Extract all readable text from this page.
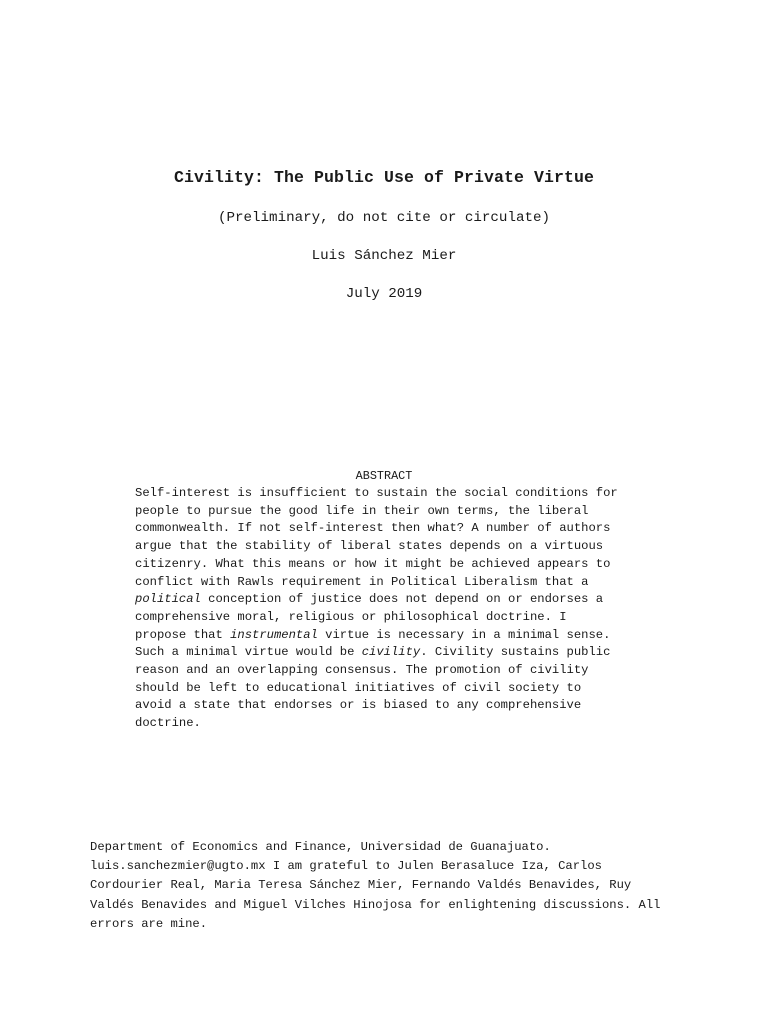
Civility: The Public Use of Private Virtue
(Preliminary, do not cite or circulate)
Luis Sánchez Mier
July 2019
ABSTRACT
Self-interest is insufficient to sustain the social conditions for
people to pursue the good life in their own terms, the liberal
commonwealth. If not self-interest then what? A number of authors
argue that the stability of liberal states depends on a virtuous
citizenry. What this means or how it might be achieved appears to
conflict with Rawls requirement in Political Liberalism that a
political conception of justice does not depend on or endorses a
comprehensive moral, religious or philosophical doctrine. I
propose that instrumental virtue is necessary in a minimal sense.
Such a minimal virtue would be civility. Civility sustains public
reason and an overlapping consensus. The promotion of civility
should be left to educational initiatives of civil society to
avoid a state that endorses or is biased to any comprehensive
doctrine.
Department of Economics and Finance, Universidad de Guanajuato.
luis.sanchezmier@ugto.mx I am grateful to Julen Berasaluce Iza, Carlos
Cordourier Real, Maria Teresa Sánchez Mier, Fernando Valdés Benavides, Ruy
Valdés Benavides and Miguel Vilches Hinojosa for enlightening discussions. All
errors are mine.
